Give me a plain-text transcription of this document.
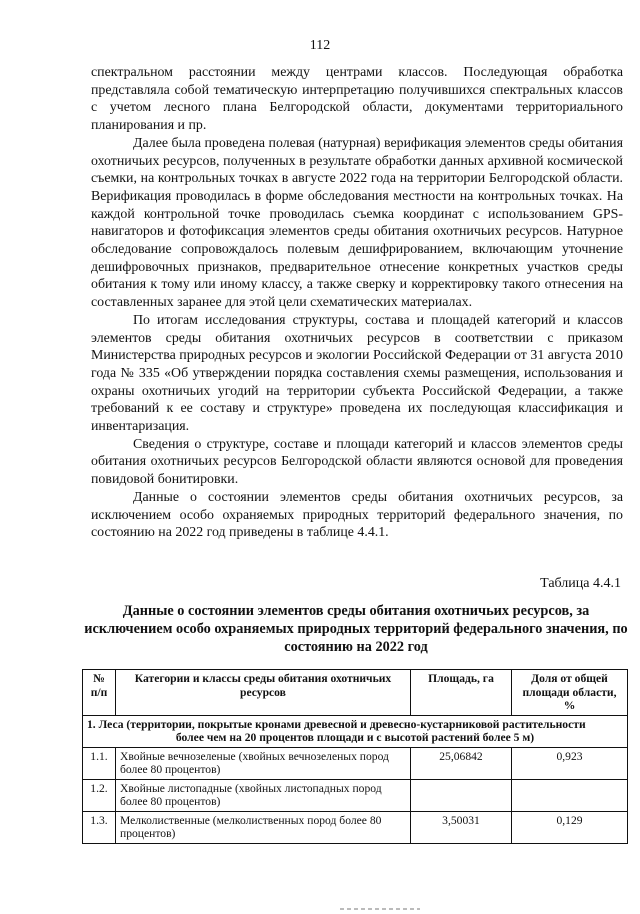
112

спектральном расстоянии между центрами классов. Последующая обработка представляла собой тематическую интерпретацию получившихся спектральных классов с учетом лесного плана Белгородской области, документами территориального планирования и пр.

Далее была проведена полевая (натурная) верификация элементов среды обитания охотничьих ресурсов, полученных в результате обработки данных архивной космической съемки, на контрольных точках в августе 2022 года на территории Белгородской области. Верификация проводилась в форме обследования местности на контрольных точках. На каждой контрольной точке проводилась съемка координат с использованием GPS-навигаторов и фотофиксация элементов среды обитания охотничьих ресурсов. Натурное обследование сопровождалось полевым дешифрированием, включающим уточнение дешифровочных признаков, предварительное отнесение конкретных участков среды обитания к тому или иному классу, а также сверку и корректировку такого отнесения на составленных заранее для этой цели схематических материалах.

По итогам исследования структуры, состава и площадей категорий и классов элементов среды обитания охотничьих ресурсов в соответствии с приказом Министерства природных ресурсов и экологии Российской Федерации от 31 августа 2010 года № 335 «Об утверждении порядка составления схемы размещения, использования и охраны охотничьих угодий на территории субъекта Российской Федерации, а также требований к ее составу и структуре» проведена их последующая классификация и инвентаризация.

Сведения о структуре, составе и площади категорий и классов элементов среды обитания охотничьих ресурсов Белгородской области являются основой для проведения повидовой бонитировки.

Данные о состоянии элементов среды обитания охотничьих ресурсов, за исключением особо охраняемых природных территорий федерального значения, по состоянию на 2022 год приведены в таблице 4.4.1.

Таблица 4.4.1
Данные о состоянии элементов среды обитания охотничьих ресурсов, за исключением особо охраняемых природных территорий федерального значения, по состоянию на 2022 год
№ п/п	Категории и классы среды обитания охотничьих ресурсов	Площадь, га	Доля от общей площади области, %
1. Леса (территории, покрытые кронами древесной и древесно-кустарниковой растительности
более чем на 20 процентов площади и с высотой растений более 5 м)			

1.1.	Хвойные вечнозеленые (хвойных вечнозеленых пород более 80 процентов)	25,06842	0,923
1.2.	Хвойные листопадные (хвойных листопадных пород более 80 процентов)		
1.3.	Мелколиственные (мелколиственных пород более 80 процентов)	3,50031	0,129
